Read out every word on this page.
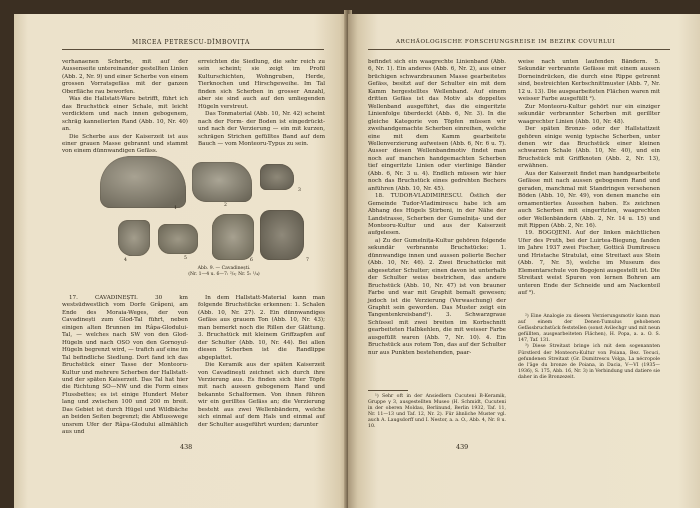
MIRCEA PETRESCU-DÎMBOVIȚA

verhanaenen Scherbe, mit auf der Aussenseite untereinander gestellten Linien (Abb. 2, Nr. 9) und einer Scherbe von einem grossen Vorratsgefäss mit der ganzen Oberfläche rau beworfen.

Was die Hallstatt-Ware betrifft, führt ich das Bruchstück einer Schale, mit leicht verdicktem und nach innen gebogenem, schräg kannelierten Rand (Abb. 10, Nr. 40) an.

Die Scherbe aus der Kaiserzeit ist aus einer grauen Masse gebrannt und stammt von einem dünnwandigen Gefäss.

erreichten die Siedlung, die sehr reich zu sein scheint; sie zeigt im Profil Kulturschichten, Wohngruben, Herde, Tierknochen und Hirschgeweihe. Im Tal finden sich Scherben in grosser Anzahl, aber sie sind auch auf den umliegenden Hügeln verstreut.

Das Tonmaterial (Abb. 10, Nr. 42) scheint nach der Form- der Boden ist eingedrückt- und nach der Verzierung — ein mit kurzen, schrägen Strichen gefülltes Band auf dem Bauch — vom Monteoru-Typus zu sein.

1
2
3
4	5	6	7
Abb. 9. — Cavadinești.
(Nr. 1—4 u. 6—7: ²/₃; Nr. 5: ¹/₄)

17. CAVADINEȘTI. 30 km westsüdwestlich vom Dorfe Grăpeni, am Ende des Moraia-Weges, der von Cavadinești zum Glod-Tal führt, neben einigen alten Brunnen im Râpa-Glodului-Tal, — welches nach SW von den Glod-Hügeln und nach OSO von den Gornoyul-Hügeln begrenzt wird, — trafich auf eine im Tal befindliche Siedlung. Dort fand ich das Bruchstück einer Tasse der Monteoru-Kultur und mehrere Scherben der Hallstatt- und der späten Kaiserzeit. Das Tal hat hier die Richtung SO—NW und die Form eines Flussbettes; es ist einige Hundert Meter lang und zwischen 100 und 200 m breit. Das Gebiet ist durch Hügel und Wildbäche an beiden Seiten begrenzt; die Abflusswege unsrem Ufer der Râpa-Glodului allmählich aus und

In dem Hallstatt-Material kann man folgende Bruchstücke erkennen: 1. Schalen (Abb. 10, Nr. 27). 2. Ein dünnwandiges Gefäss aus grauem Ton (Abb. 10, Nr. 43); man bemerkt noch die Rillen der Glättung. 3. Bruchstück mit kleinem Griffzapfen auf der Schulter (Abb. 10, Nr. 44). Bei allen diesen Scherben ist die Randlippe abgeplattet.

Die Keramik aus der späten Kaiserzeit von Cavadinești zeichnet sich durch ihre Verzierung aus. Es finden sich hier Töpfe mit nach aussen gebogenem Rand und bekannte Schalformen. Von ihnen führen wir ein gerilltes Gefäss an; die Verzierung besteht aus zwei Wellenbändern, welche sich einmal auf dem Hals und einmal auf der Schulter ausgeführt wurden; darunter

438
ARCHÄOLOGISCHE FORSCHUNGSREISE IM BEZIRK COVURLUI

befindet sich ein waagrechte Linienband (Abb. 6, Nr. 1). Ein anderes (Abb. 6, Nr. 2), aus einer brüchigen schwarzbraunen Masse gearbeitetes Gefäss, besitzt auf der Schulter ein mit dem Kamm hergestelltes Wellenband. Auf einem dritten Gefäss ist das Motiv als doppeltes Wellenband ausgeführt, das die eingeritzte Linienfolge überdeckt (Abb. 6, Nr. 3). In die gleiche Kategorie von Töpfen müssen wir zweihandgemachte Scherben einreihen, welche eine mit dem Kamm gearbeitete Wellenverzierung aufweisen (Abb. 6, Nr. 6 u. 7). Ausser diesen Wellenbandmotiv findet man noch auf manchen handgemachten Scherben tief eingeritzte Linien oder vierlinige Bänder (Abb. 6, Nr. 3 u. 4). Endlich müssen wir hier noch das Bruchstück eines gedrehten Bechers anführen (Abb. 10, Nr. 45).

18. TUDOR-VLADIMIRESCU. Östlich der Gemeinde Tudor-Vladimirescu habe ich am Abhang des Hügels Știrbeni, in der Nähe der Landstrasse, Scherben der Gumelnița- und der Monteoru-Kultur und aus der Kaiserzeit aufgelesen.

a) Zu der Gumelnița-Kultur gehören folgende sekundär verbrannte Bruchstücke: 1. dünnwandige innen und aussen polierte Becher (Abb. 10, Nr. 46). 2. Zwei Bruchstücke mit abgesetzter Schulter; einen davon ist unterhalb der Schulter weiss bestrichen, das andere Bruchstück (Abb. 10, Nr. 47) ist von brauner Farbe und war mit Graphit bemalt gewesen; jedoch ist die Verzierung (Verwaschung) der Graphit sein geworden. Das Muster zeigt ein Tangentenkreisband¹). 3. Schwarzgraue Schüssel mit zwei breiten im Korbschnitt gearbeiteten Halbkehlen, die mit weisser Farbe ausgefüllt waren (Abb. 7, Nr. 10). 4. Ein Bruchstück aus rotem Ton, das auf der Schulter nur aus Punkten bestehenden, paar-

weise nach unten laufenden Bändern. 5. Sekundär verbrannte Gefässe mit einem aussen Dorneindrücken, die durch eine Rippe getrennt sind, bestreichten Kerbschnittmuster (Abb. 7, Nr. 12 u. 13). Die ausgearbeiteten Flächen waren mit weisser Farbe ausgefüllt ²).

Zur Monteoru-Kultur gehört nur ein einziger sekundär verbrannter Scherben mit gerillter waagrechter Linien (Abb. 10, Nr. 48).

Der späten Bronze- oder der Hallstattzeit gehören einige wenig typische Scherben, unter denen wir das Bruchstück einer kleinen schwarzen Schale (Abb. 10, Nr. 40), und ein Bruchstück mit Griffknoten (Abb. 2, Nr. 13), erwähnen.

Aus der Kaiserzeit findet man handgearbeitete Gefässe mit nach aussen gebogenem Rand und geraden, manchmal mit Standringen versehenen Böden (Abb. 10, Nr. 49), von denen manche ein ornamentiertes Aussehen haben. Es zeichnen auch Scherben mit eingeritzten, waagrechten oder Wellenbändern (Abb. 2, Nr. 14 u. 15) und mit Rippen (Abb. 2, Nr. 16).

19. BOGOJENI. Auf der linken mächtlichen Ufer des Pruth, bei der Luirtea-Biegung, fanden im Jahre 1937 zwei Fischer, Gottică Dumitrescu und Hristache Stratulat, eine Streitaxt aus Stein (Abb. 7, Nr. 5), welche im Museum des Elementarschule von Bogojeni ausgestellt ist. Die Streitaxt weist Spuren von lernen Bohren am unteren Ende der Schneide und am Nackenteil auf ³).

¹) Sehr oft in der Ansiedlern Cucuteni B-Keramik, Gruppe γ 3, ausgestellten Museo (H. Schmidt, Cucuteni in der oberen Moldau, Berlinund, Berlin 1932, Taf. 11, Nr. 11—13 und Taf. 12, Nr. 2). Für ähnliche Muster vgl. auch A. Laugsdorff und I. Nestor, a. a. O., Abb. 4, Nr. 8 u. 10.

²) Eine Analogie zu diesem Verzierungsmotiv kann man auf einem der Denen-Tumulus gehobenen Gefässbruchstück feststellen (sonst Avilechgr und mit neun gefüllten, ausgearbeiteten Flächen), H. Popa, a. a. O. S. 147, Taf. 131.

³) Diese Streitaxt bringe ich mit dem sogenannten Fürstlerd der Monteoru-Kultur von Poiana, Bez. Tecuci, gefundenen Streitaxt (Gr. Dumitrescu Volga, La nécropole de l'âge du bronze de Poiana, in Dacia, V—VI (1935—1936), S. 175, Abb. 16, Nr. 3) in Verbindung und datiere sie daher in die Bronzezeit.

439
